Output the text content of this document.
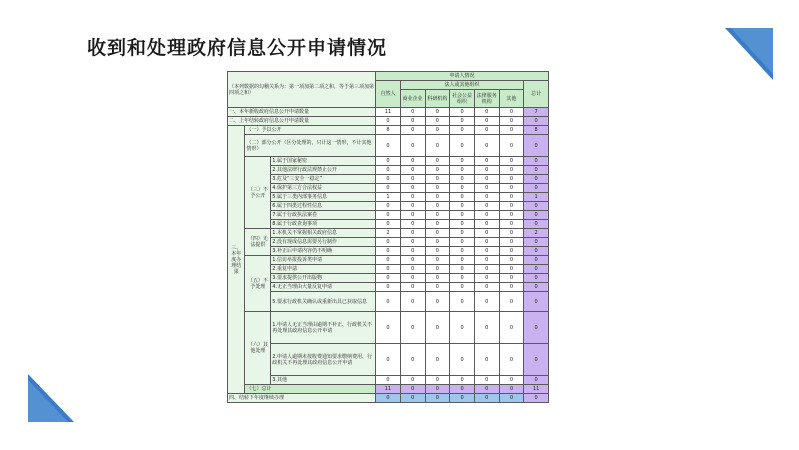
收到和处理政府信息公开申请情况
（本列数据的勾稽关系为：第一项加第二项之和，等于第三项加第四项之和）			申请人情况						
			自然人	法人或其他组织					总计
				商业企业	科研机构	社会公益组织	法律服务机构	其他	
一、本年新收政府信息公开申请数量			11	0	0	0	0	0	7
二、上年结转政府信息公开申请数量			0	0	0	0	0	0	0
三、本年度办理结果	（一）予以公开		8	0	0	0	0	0	8
	（二）部分公开（区分处理的，只计这一情形，不计其他情形）		0	0	0	0	0	0	0
	（三）不予公开	1.属于国家秘密	0	0	0	0	0	0	0
		2.其他法律行政法规禁止公开	0	0	0	0	0	0	0
		3.危及“三安全一稳定”	0	0	0	0	0	0	0
		4.保护第三方合法权益	0	0	0	0	0	0	0
		5.属于三类内部事务信息	1	0	0	0	0	0	1
		6.属于四类过程性信息	0	0	0	0	0	0	0
		7.属于行政执法案卷	0	0	0	0	0	0	0
		8.属于行政查询事项	0	0	0	0	0	0	0
	（四）无法提供	1.本机关不掌握相关政府信息	2	0	0	0	0	0	2
		2.没有现成信息需要另行制作	0	0	0	0	0	0	0
		3.补正后申请内容仍不明确	0	0	0	0	0	0	0
	（五）不予处理	1.信访举报投诉类申请	0	0	0	0	0	0	0
		2.重复申请	0	0	0	0	0	0	0
		3.要求提供公开出版物	0	0	0	0	0	0	0
		4.无正当理由大量反复申请	0	0	0	0	0	0	0
		5.要求行政机关确认或重新出具已获取信息	0	0	0	0	0	0	0
	（六）其他处理	1.申请人无正当理由逾期不补正、行政机关不再处理其政府信息公开申请	0	0	0	0	0	0	0
		2.申请人逾期未按收费通知要求缴纳费用、行政机关不再处理其政府信息公开申请	0	0	0	0	0	0	0
		3.其他	0	0	0	0	0	0	0
	（七）总计		11	0	0	0	0	0	11
四、结转下年度继续办理			0	0	0	0	0	0	0
